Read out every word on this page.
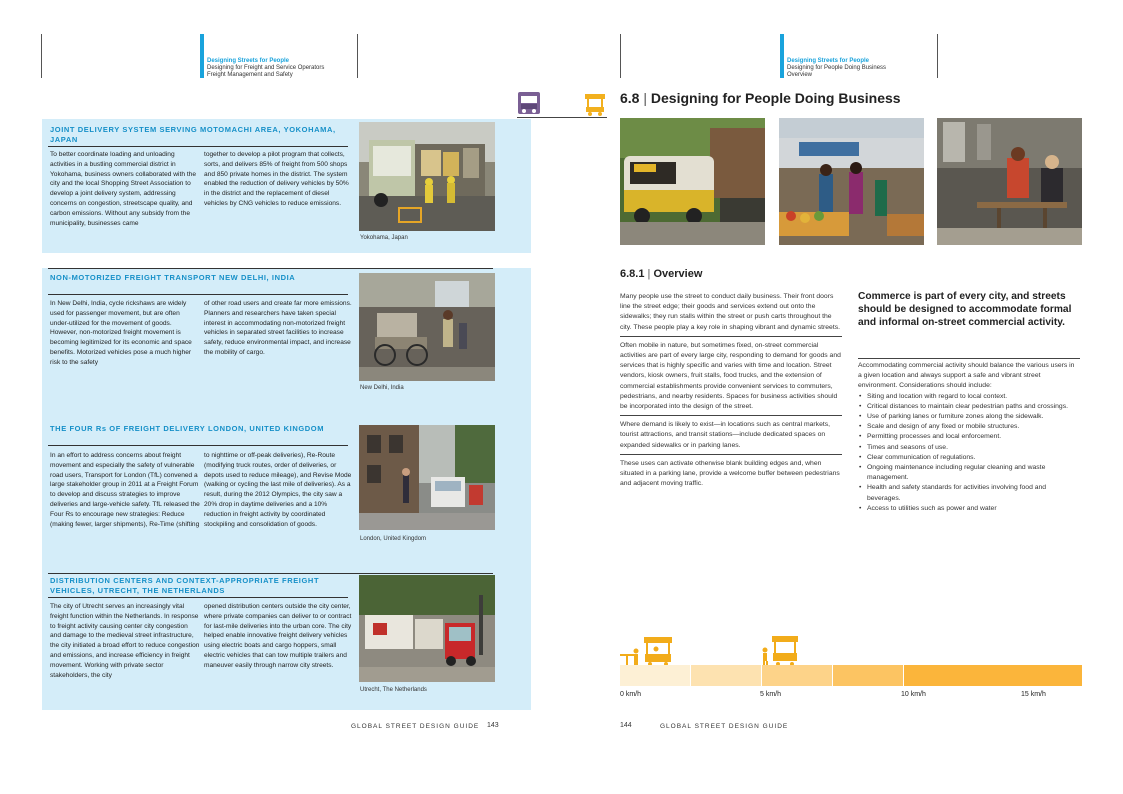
Designing Streets for People
Designing for Freight and Service Operators
Freight Management and Safety
JOINT DELIVERY SYSTEM SERVING MOTOMACHI AREA, YOKOHAMA, JAPAN
To better coordinate loading and unloading activities in a bustling commercial district in Yokohama, business owners collaborated with the city and the local Shopping Street Association to develop a joint delivery system, addressing concerns on congestion, streetscape quality, and carbon emissions. Without any subsidy from the municipality, businesses came
together to develop a pilot program that collects, sorts, and delivers 85% of freight from 500 shops and 850 private homes in the district. The system enabled the reduction of delivery vehicles by 50% in the district and the replacement of diesel vehicles by CNG vehicles to reduce emissions.
Yokohama, Japan
NON-MOTORIZED FREIGHT TRANSPORT NEW DELHI, INDIA
In New Delhi, India, cycle rickshaws are widely used for passenger movement, but are often under-utilized for the movement of goods. However, non-motorized freight movement is becoming legitimized for its economic and space benefits. Motorized vehicles pose a much higher risk to the safety
of other road users and create far more emissions. Planners and researchers have taken special interest in accommodating non-motorized freight vehicles in separated street facilities to increase safety, reduce environmental impact, and increase the mobility of cargo.
New Delhi, India
THE FOUR Rs OF FREIGHT DELIVERY LONDON, UNITED KINGDOM
In an effort to address concerns about freight movement and especially the safety of vulnerable road users, Transport for London (TfL) convened a large stakeholder group in 2011 at a Freight Forum to develop and discuss strategies to improve deliveries and large-vehicle safety. TfL released the Four Rs to encourage new strategies: Reduce (making fewer, larger shipments), Re-Time (shifting
to nighttime or off-peak deliveries), Re-Route (modifying truck routes, order of deliveries, or depots used to reduce mileage), and Revise Mode (walking or cycling the last mile of deliveries). As a result, during the 2012 Olympics, the city saw a 20% drop in daytime deliveries and a 10% reduction in freight activity by coordinated stockpiling and consolidation of goods.
London, United Kingdom
DISTRIBUTION CENTERS AND CONTEXT-APPROPRIATE FREIGHT VEHICLES, UTRECHT, THE NETHERLANDS
The city of Utrecht serves an increasingly vital freight function within the Netherlands. In response to freight activity causing center city congestion and damage to the medieval street infrastructure, the city initiated a broad effort to reduce congestion and emissions, and increase efficiency in freight movement. Working with private sector stakeholders, the city
opened distribution centers outside the city center, where private companies can deliver to or contract for last-mile deliveries into the urban core. The city helped enable innovative freight delivery vehicles using electric boats and cargo hoppers, small electric vehicles that can tow multiple trailers and maneuver easily through narrow city streets.
Utrecht, The Netherlands
GLOBAL STREET DESIGN GUIDE 143
Designing Streets for People
Designing for People Doing Business
Overview
6.8 | Designing for People Doing Business
6.8.1 | Overview
Many people use the street to conduct daily business. Their front doors line the street edge; their goods and services extend out onto the sidewalks; they run stalls within the street or push carts throughout the city. These people play a key role in shaping vibrant and dynamic streets.
Often mobile in nature, but sometimes fixed, on-street commercial activities are part of every large city, responding to demand for goods and services that is highly specific and varies with time and location. Street vendors, kiosk owners, fruit stalls, food trucks, and the extension of commercial establishments provide convenient services to commuters, pedestrians, and nearby residents. Spaces for business activities should be incorporated into the design of the street.
Where demand is likely to exist—in locations such as central markets, tourist attractions, and transit stations—include dedicated spaces on expanded sidewalks or in parking lanes.
These uses can activate otherwise blank building edges and, when situated in a parking lane, provide a welcome buffer between pedestrians and adjacent moving traffic.
Commerce is part of every city, and streets should be designed to accommodate formal and informal on-street commercial activity.
Accommodating commercial activity should balance the various users in a given location and always support a safe and vibrant street environment. Considerations should include:
• Siting and location with regard to local context.
• Critical distances to maintain clear pedestrian paths and crossings.
• Use of parking lanes or furniture zones along the sidewalk.
• Scale and design of any fixed or mobile structures.
• Permitting processes and local enforcement.
• Times and seasons of use.
• Clear communication of regulations.
• Ongoing maintenance including regular cleaning and waste management.
• Health and safety standards for activities involving food and beverages.
• Access to utilities such as power and water
0 km/h	5 km/h	10 km/h	15 km/h
144	GLOBAL STREET DESIGN GUIDE
